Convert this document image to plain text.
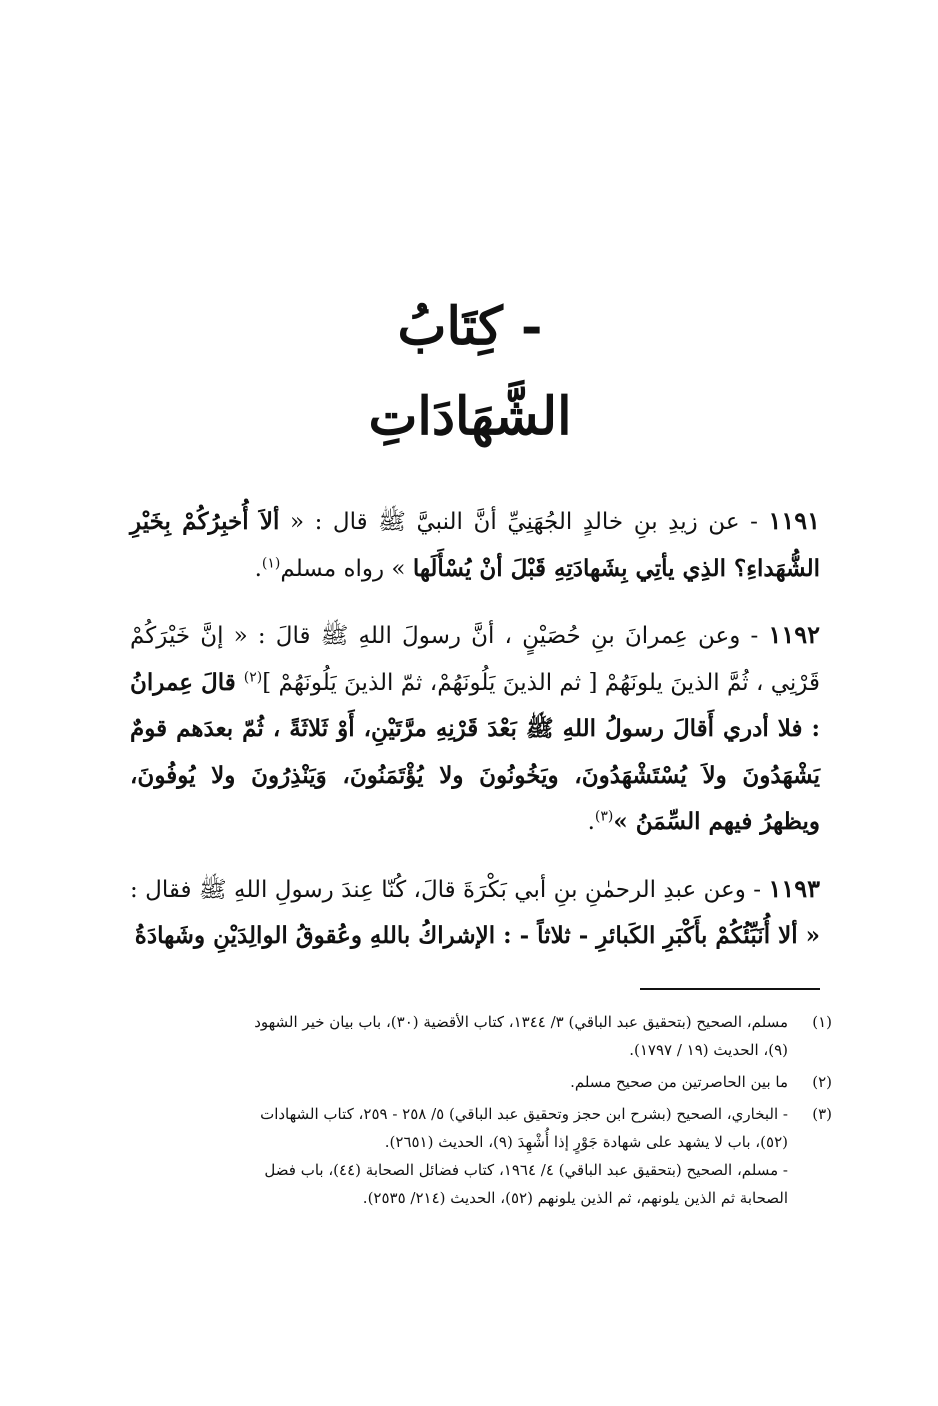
- كِتَابُ الشَّهَادَاتِ

١١٩١ - عن زيدِ بنِ خالدٍ الجُهَنِيِّ أنَّ النبيَّ ﷺ قال : « ألاَ أُخبِرُكُمْ بِخَيْرِ الشُّهَداءِ؟ الذِي يأتِي بِشَهادَتِهِ قَبْلَ أنْ يُسْأَلَها » رواه مسلم$^{(١)}$.

١١٩٢ - وعن عِمرانَ بنِ حُصَيْنٍ ، أنَّ رسولَ اللهِ ﷺ قالَ : « إنَّ خَيْرَكُمْ قَرْنِي ، ثُمَّ الذينَ يلونَهُمْ [ ثم الذينَ يَلُونَهُمْ، ثمّ الذينَ يَلُونَهُمْ ]$^{(٢)}$ قالَ عِمرانُ : فلا أدري أَقالَ رسولُ اللهِ ﷺ بَعْدَ قَرْنِهِ مرَّتَيْنِ، أَوْ ثَلاثَةً ، ثُمّ بعدَهم قومٌ يَشْهَدُونَ ولاَ يُسْتَشْهَدُونَ، ويَخُونُونَ ولا يُؤْتَمَنُونَ، وَيَنْذِرُونَ ولا يُوفُونَ، ويظهرُ فيهم السِّمَنُ »$^{(٣)}$.

١١٩٣ - وعن عبدِ الرحمٰنِ بنِ أبي بَكْرَةَ قالَ، كُنّا عِندَ رسولِ اللهِ ﷺ فقال : « ألا أُنَبِّئُكُمْ بأَكْبَرِ الكَبائرِ - ثلاثاً - : الإشراكُ باللهِ وعُقوقُ الوالِدَيْنِ وشَهادَةُ

(١)
مسلم، الصحيح (بتحقيق عبد الباقي) ٣/ ١٣٤٤، كتاب الأقضية (٣٠)، باب بيان خير الشهود
(٩)، الحديث (١٩ / ١٧٩٧).
(٢)
ما بين الحاصرتين من صحيح مسلم.
(٣)
- البخاري، الصحيح (بشرح ابن حجز وتحقيق عبد الباقي) ٥/ ٢٥٨ - ٢٥٩، كتاب الشهادات
(٥٢)، باب لا يشهد على شهادة جَوْرٍ إذا أُشْهِدَ (٩)، الحديث (٢٦٥١).
- مسلم، الصحيح (بتحقيق عبد الباقي) ٤/ ١٩٦٤، كتاب فضائل الصحابة (٤٤)، باب فضل
الصحابة ثم الذين يلونهم، ثم الذين يلونهم (٥٢)، الحديث (٢١٤/ ٢٥٣٥).
